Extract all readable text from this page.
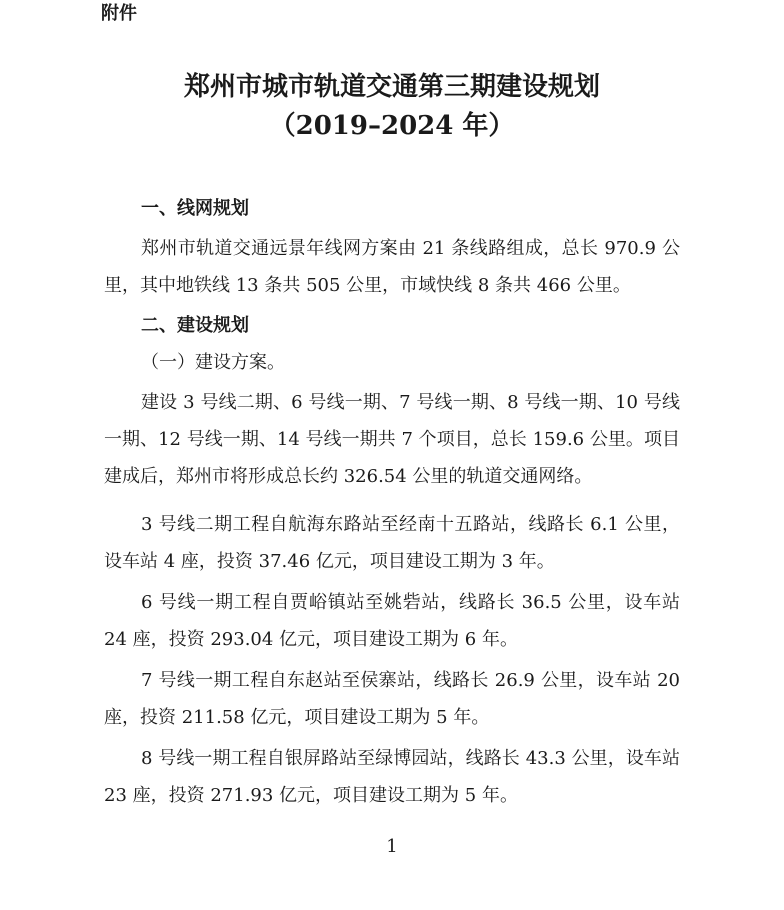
附件
郑州市城市轨道交通第三期建设规划
（2019–2024 年）
一、线网规划

郑州市轨道交通远景年线网方案由 21 条线路组成，总长 970.9 公里，其中地铁线 13 条共 505 公里，市域快线 8 条共 466 公里。

二、建设规划
（一）建设方案。

建设 3 号线二期、6 号线一期、7 号线一期、8 号线一期、10 号线一期、12 号线一期、14 号线一期共 7 个项目，总长 159.6 公里。项目建成后，郑州市将形成总长约 326.54 公里的轨道交通网络。

3 号线二期工程自航海东路站至经南十五路站，线路长 6.1 公里，设车站 4 座，投资 37.46 亿元，项目建设工期为 3 年。

6 号线一期工程自贾峪镇站至姚砦站，线路长 36.5 公里，设车站 24 座，投资 293.04 亿元，项目建设工期为 6 年。

7 号线一期工程自东赵站至侯寨站，线路长 26.9 公里，设车站 20 座，投资 211.58 亿元，项目建设工期为 5 年。

8 号线一期工程自银屏路站至绿博园站，线路长 43.3 公里，设车站 23 座，投资 271.93 亿元，项目建设工期为 5 年。

1
